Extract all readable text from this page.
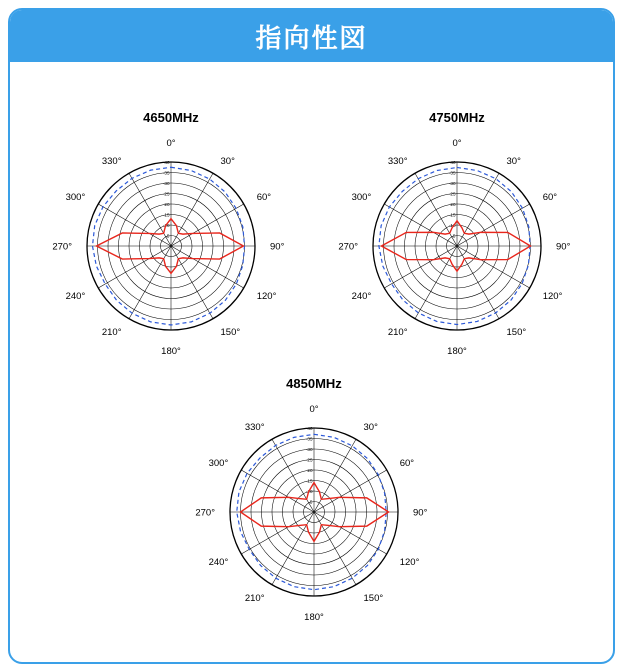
指向性図
4650MHz
-5
-10
-15
-20
-25
-30
-35
-40
0°
30°
60°
90°
120°
150°
180°
210°
240°
270°
300°
330°
4750MHz
-5
-10
-15
-20
-25
-30
-35
-40
0°
30°
60°
90°
120°
150°
180°
210°
240°
270°
300°
330°
4850MHz
-5
-10
-15
-20
-25
-30
-35
-40
0°
30°
60°
90°
120°
150°
180°
210°
240°
270°
300°
330°
